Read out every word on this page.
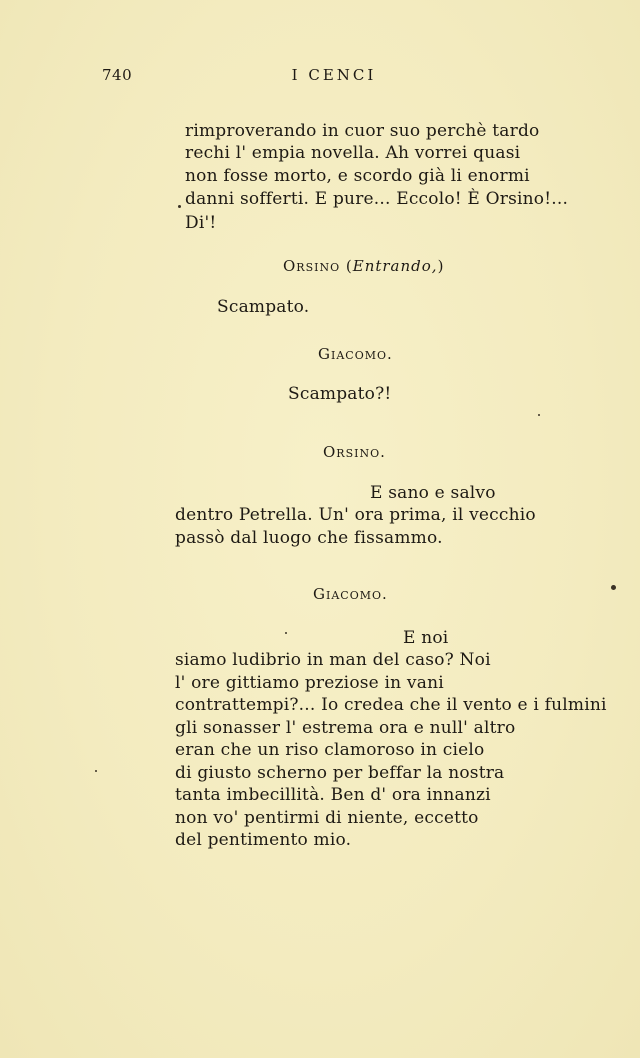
740	I CENCI
rimproverando in cuor suo perchè tardo
rechi l' empia novella. Ah vorrei quasi
non fosse morto, e scordo già li enormi
danni sofferti. E pure... Eccolo! È Orsino!...
Di'!
Orsino (Entrando,)
Scampato.
Giacomo.
Scampato?!
Orsino.
E sano e salvo
dentro Petrella. Un' ora prima, il vecchio
passò dal luogo che fissammo.
Giacomo.
E noi
siamo ludibrio in man del caso? Noi
l' ore gittiamo preziose in vani
contrattempi?... Io credea che il vento e i fulmini
gli sonasser l' estrema ora e null' altro
eran che un riso clamoroso in cielo
di giusto scherno per beffar la nostra
tanta imbecillità. Ben d' ora innanzi
non vo' pentirmi di niente, eccetto
del pentimento mio.
